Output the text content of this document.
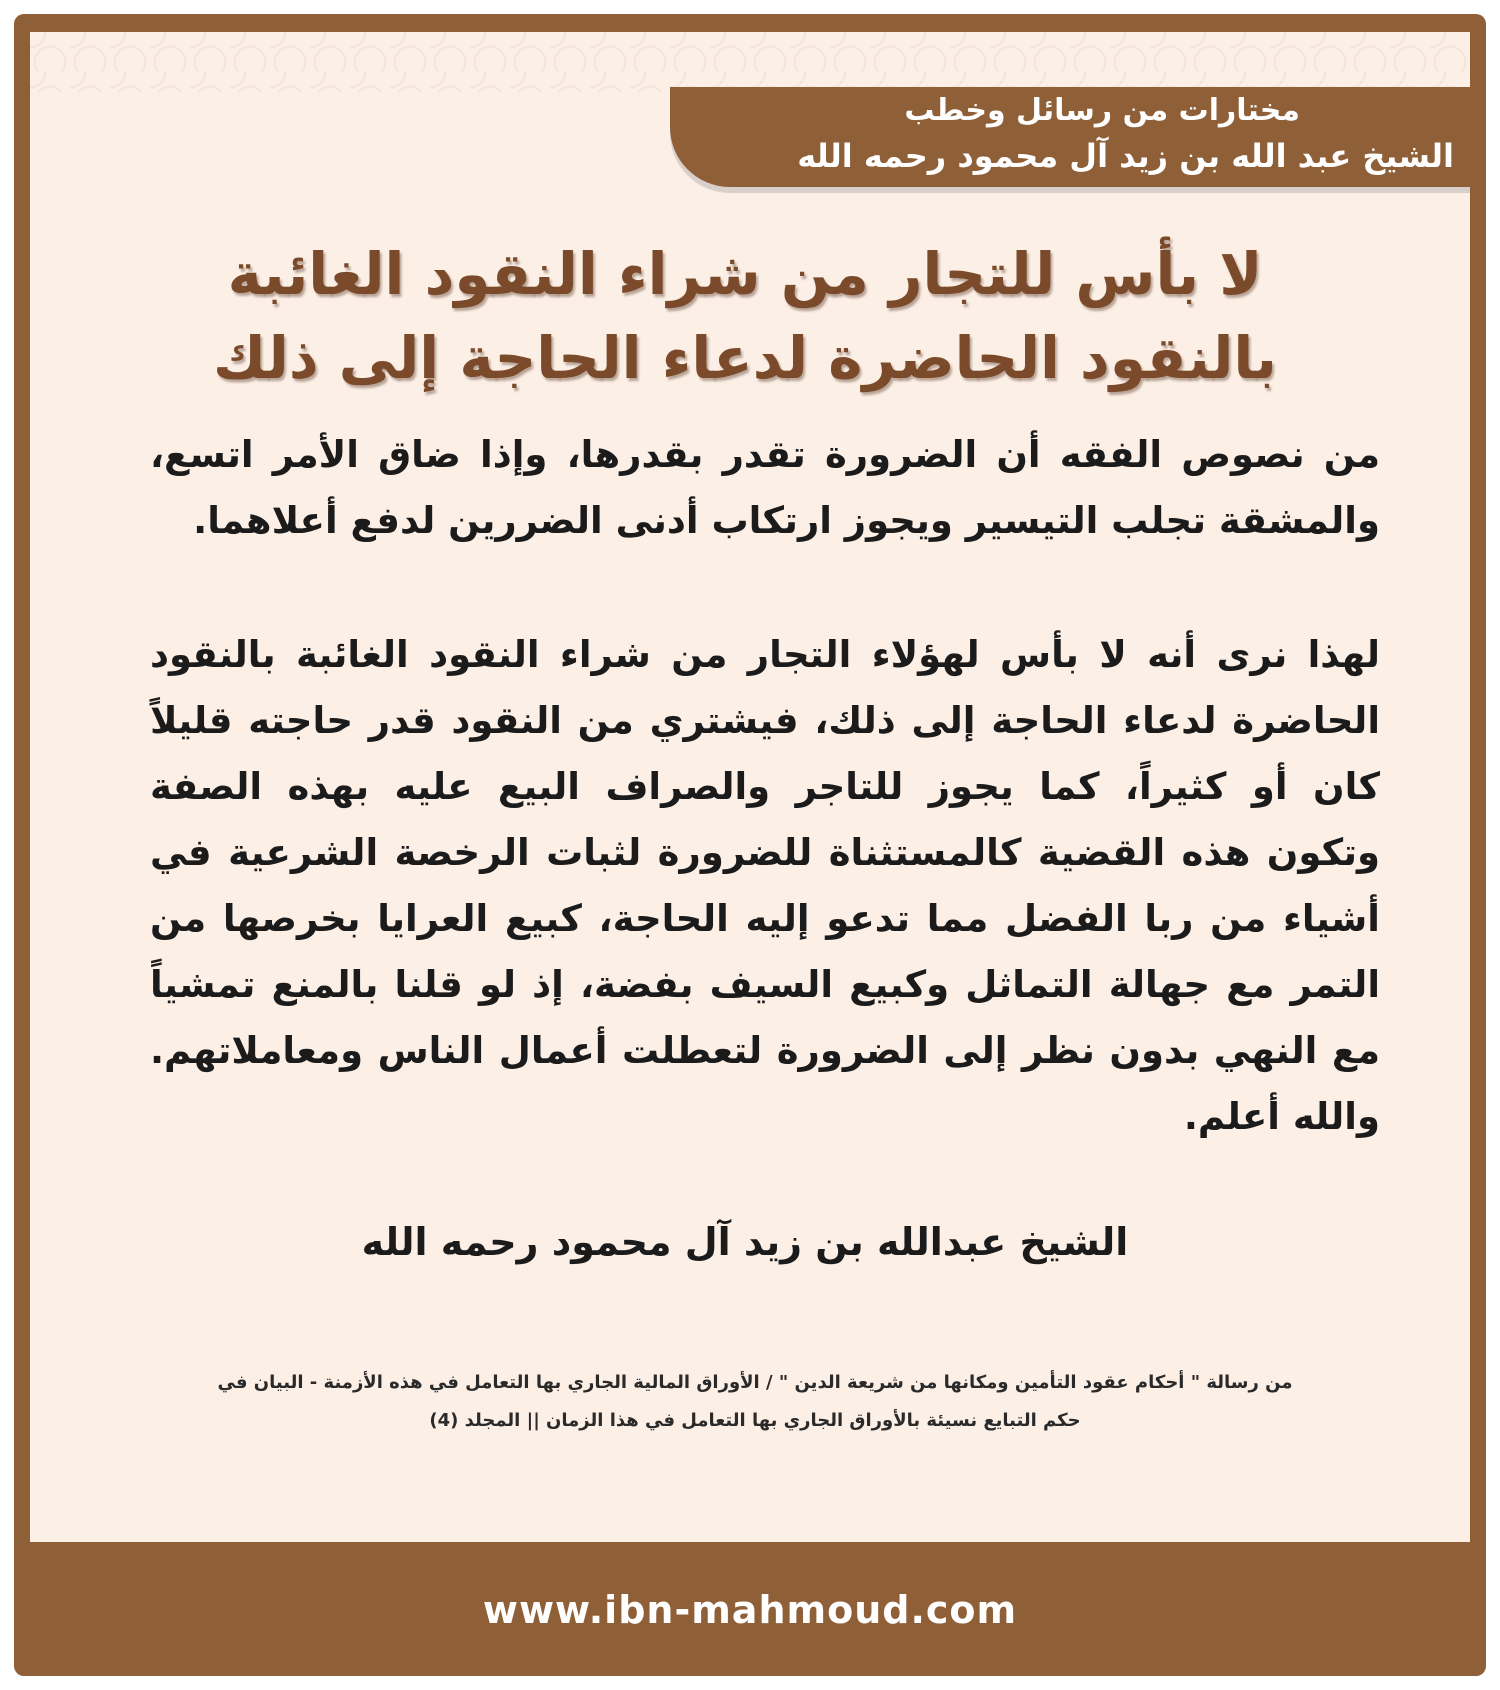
مختارات من رسائل وخطب
الشيخ عبد الله بن زيد آل محمود رحمه الله
لا بأس للتجار من شراء النقود الغائبة بالنقود الحاضرة لدعاء الحاجة إلى ذلك

من نصوص الفقه أن الضرورة تقدر بقدرها، وإذا ضاق الأمر اتسع، والمشقة تجلب التيسير ويجوز ارتكاب أدنى الضررين لدفع أعلاهما.

لهذا نرى أنه لا بأس لهؤلاء التجار من شراء النقود الغائبة بالنقود الحاضرة لدعاء الحاجة إلى ذلك، فيشتري من النقود قدر حاجته قليلاً كان أو كثيراً، كما يجوز للتاجر والصراف البيع عليه بهذه الصفة وتكون هذه القضية كالمستثناة للضرورة لثبات الرخصة الشرعية في أشياء من ربا الفضل مما تدعو إليه الحاجة، كبيع العرايا بخرصها من التمر مع جهالة التماثل وكبيع السيف بفضة، إذ لو قلنا بالمنع تمشياً مع النهي بدون نظر إلى الضرورة لتعطلت أعمال الناس ومعاملاتهم. والله أعلم.

الشيخ عبدالله بن زيد آل محمود رحمه الله
من رسالة " أحكام عقود التأمين ومكانها من شريعة الدين " / الأوراق المالية الجاري بها التعامل في هذه الأزمنة - البيان في
حكم التبايع نسيئة بالأوراق الجاري بها التعامل في هذا الزمان || المجلد (4)
www.ibn-mahmoud.com
